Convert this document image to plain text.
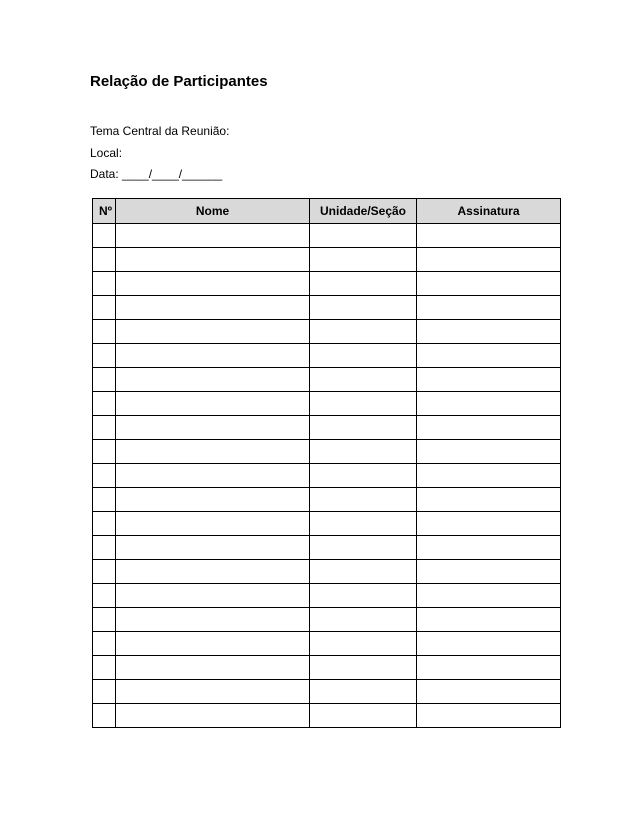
Relação de Participantes
Tema Central da Reunião:
Local:
Data: ____/____/______
Nº	Nome	Unidade/Seção	Assinatura
